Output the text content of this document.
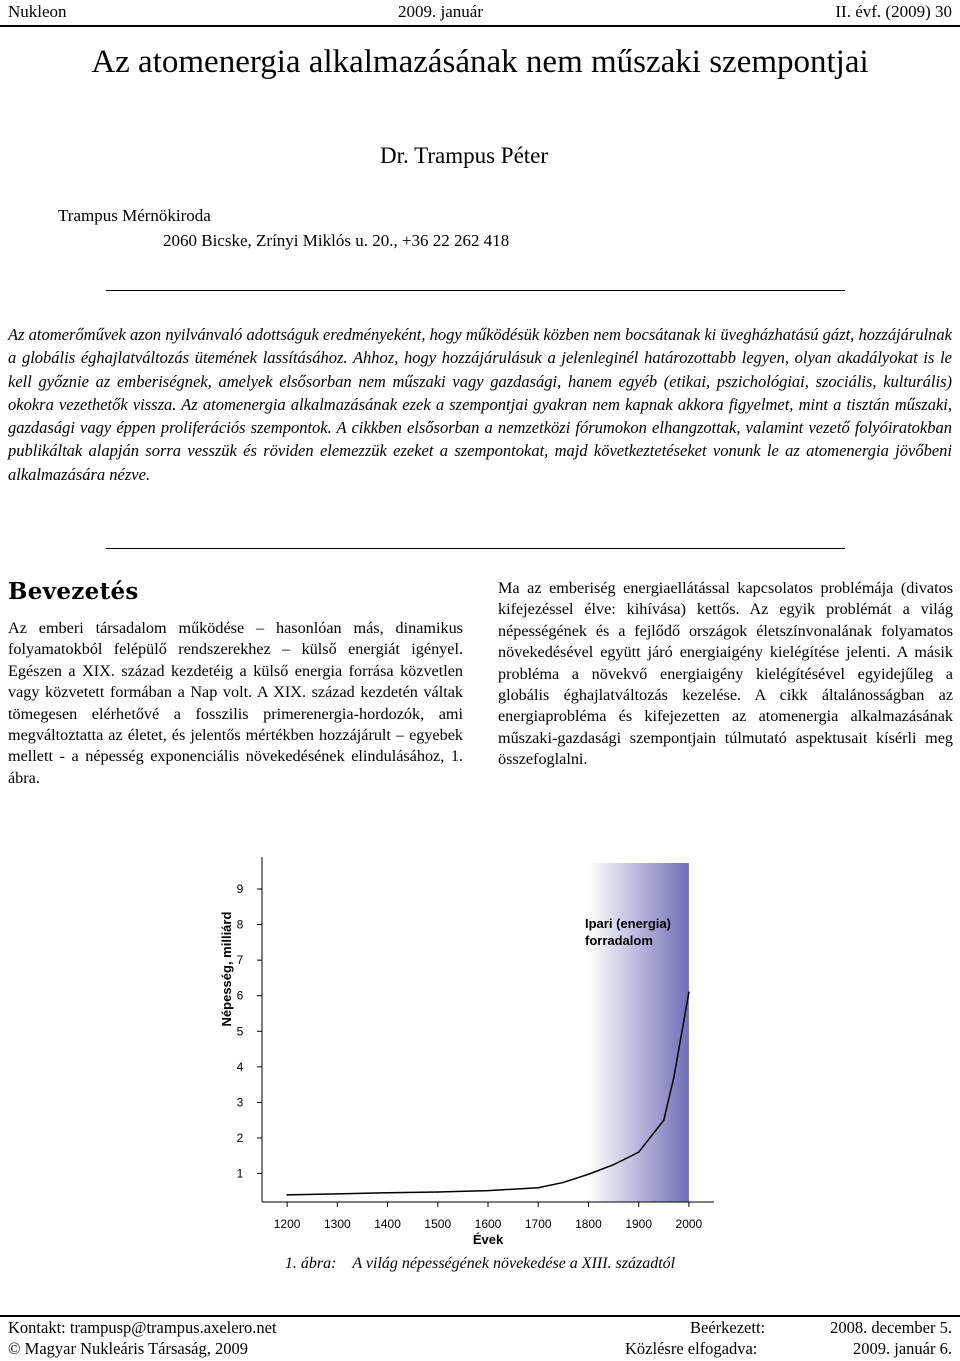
Nukleon	2009. január	II. évf. (2009) 30
Az atomenergia alkalmazásának nem műszaki szempontjai
Dr. Trampus Péter
Trampus Mérnökiroda
2060 Bicske, Zrínyi Miklós u. 20., +36 22 262 418

Az atomerőművek azon nyilvánvaló adottságuk eredményeként, hogy működésük közben nem bocsátanak ki üvegházhatású gázt, hozzájárulnak a globális éghajlatváltozás ütemének lassításához. Ahhoz, hogy hozzájárulásuk a jelenleginél határozottabb legyen, olyan akadályokat is le kell győznie az emberiségnek, amelyek elsősorban nem műszaki vagy gazdasági, hanem egyéb (etikai, pszichológiai, szociális, kulturális) okokra vezethetők vissza. Az atomenergia alkalmazásának ezek a szempontjai gyakran nem kapnak akkora figyelmet, mint a tisztán műszaki, gazdasági vagy éppen proliferációs szempontok. A cikkben elsősorban a nemzetközi fórumokon elhangzottak, valamint vezető folyóiratokban publikáltak alapján sorra vesszük és röviden elemezzük ezeket a szempontokat, majd következtetéseket vonunk le az atomenergia jövőbeni alkalmazására nézve.

Bevezetés

Az emberi társadalom működése – hasonlóan más, dinamikus folyamatokból felépülő rendszerekhez – külső energiát igényel. Egészen a XIX. század kezdetéig a külső energia forrása közvetlen vagy közvetett formában a Nap volt. A XIX. század kezdetén váltak tömegesen elérhetővé a fosszilis primerenergia-hordozók, ami megváltoztatta az életet, és jelentős mértékben hozzájárult – egyebek mellett - a népesség exponenciális növekedésének elindulásához, 1. ábra.

Ma az emberiség energiaellátással kapcsolatos problémája (divatos kifejezéssel élve: kihívása) kettős. Az egyik problémát a világ népességének és a fejlődő országok életszínvonalának folyamatos növekedésével együtt járó energiaigény kielégítése jelenti. A másik probléma a növekvő energiaigény kielégítésével egyidejűleg a globális éghajlatváltozás kezelése. A cikk általánosságban az energiaprobléma és kifejezetten az atomenergia alkalmazásának műszaki-gazdasági szempontjain túlmutató aspektusait kísérli meg összefoglalni.

1
2
3
4
5
6
7
8
9
1200 1300 1400 1500 1600 1700 1800 1900 2000
Évek
Népesség, milliárd	Ipari (energia)
forradalom
1. ábra: A világ népességének növekedése a XIII. századtól
Kontakt: trampusp@trampus.axelero.net	Beérkezett:	2008. december 5.
© Magyar Nukleáris Társaság, 2009	Közlésre elfogadva:	2009. január 6.
